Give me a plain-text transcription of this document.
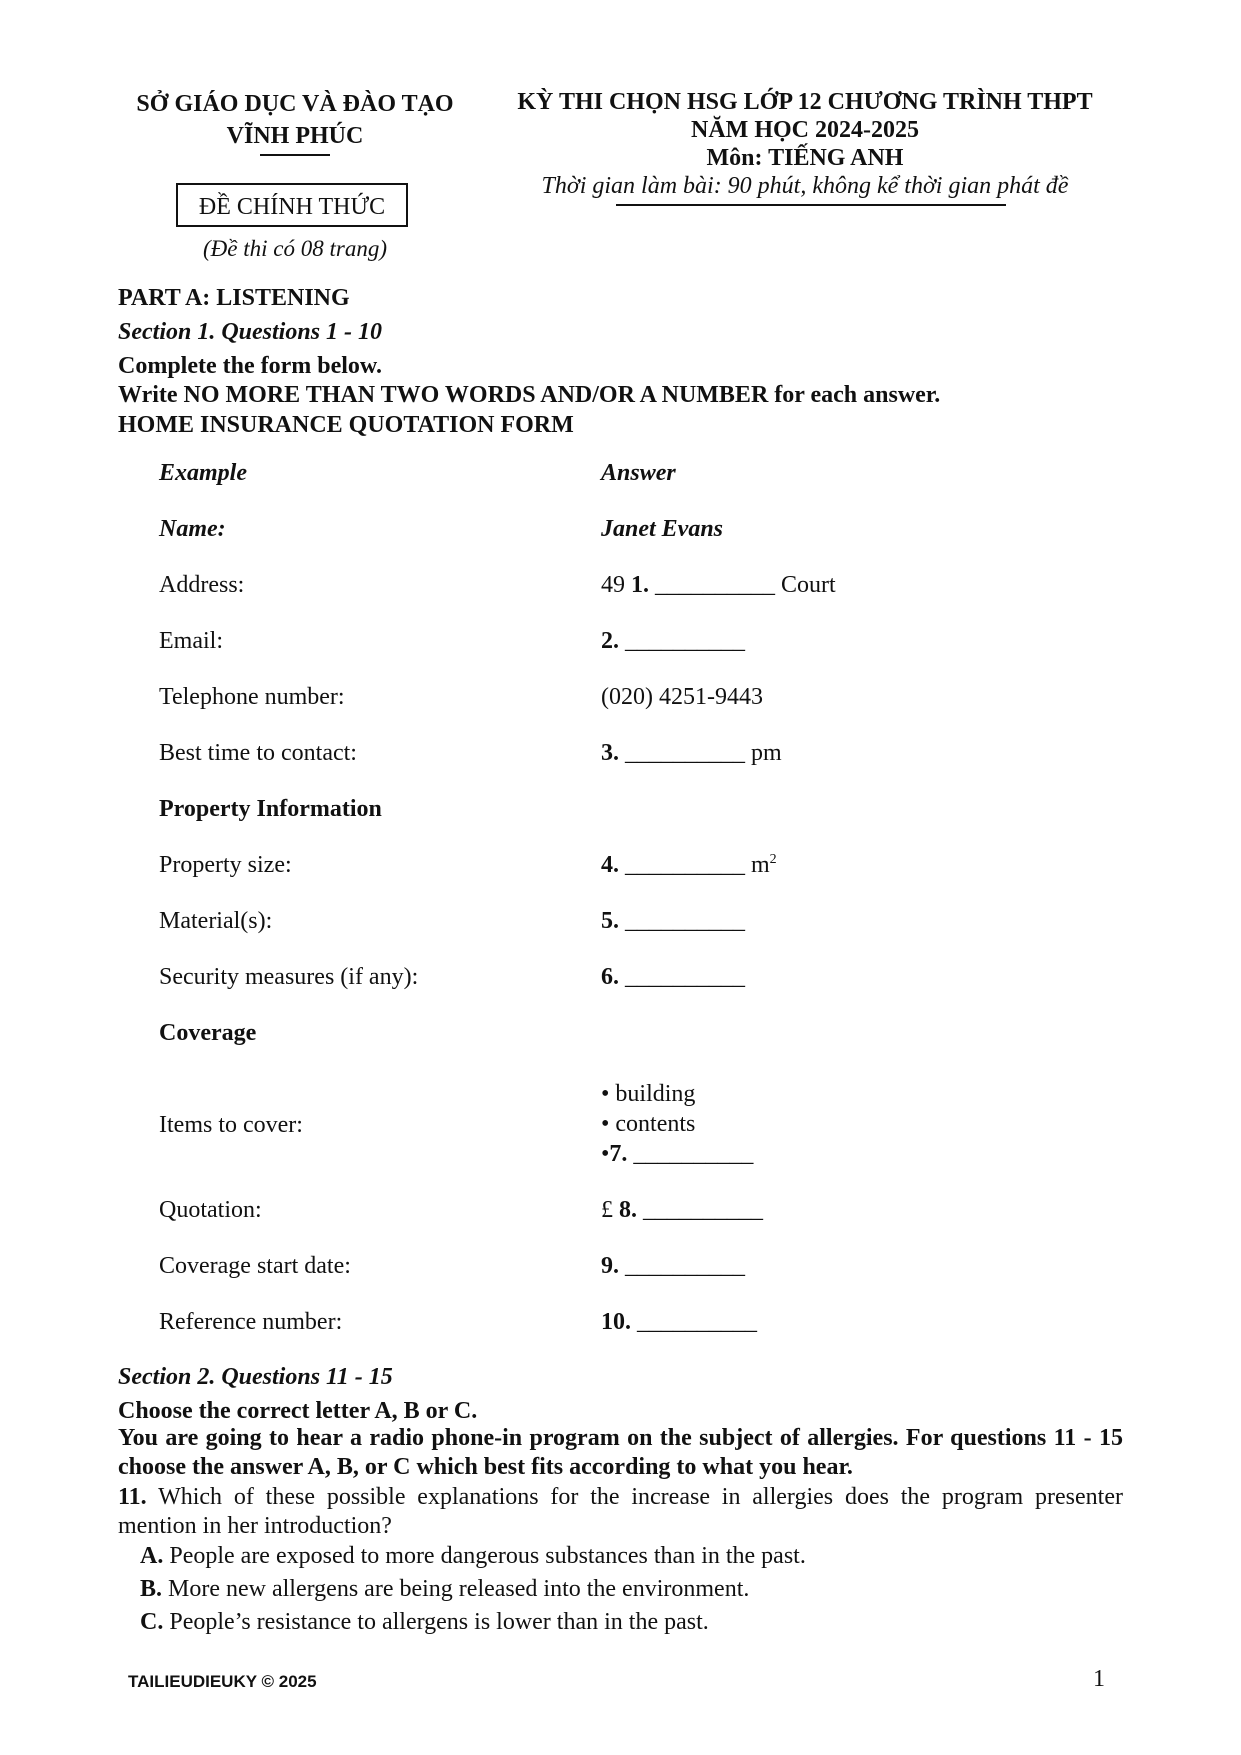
SỞ GIÁO DỤC VÀ ĐÀO TẠO
VĨNH PHÚC
ĐỀ CHÍNH THỨC
(Đề thi có 08 trang)
KỲ THI CHỌN HSG LỚP 12 CHƯƠNG TRÌNH THPT
NĂM HỌC 2024-2025
Môn: TIẾNG ANH
Thời gian làm bài: 90 phút, không kể thời gian phát đề
PART A: LISTENING
Section 1. Questions 1 - 10
Complete the form below.
Write NO MORE THAN TWO WORDS AND/OR A NUMBER for each answer.
HOME INSURANCE QUOTATION FORM
Example	Answer
Name:	Janet Evans
Address:	49 1. __________ Court
Email:	2. __________
Telephone number:	(020) 4251-9443
Best time to contact:	3. __________ pm
Property Information
Property size:	4. __________ $m^2$
Material(s):	5. __________
Security measures (if any):	6. __________
Coverage
Items to cover:
• building
• contents
•7. __________
Quotation:	£ 8. __________
Coverage start date:	9. __________
Reference number:	10. __________
Section 2. Questions 11 - 15
Choose the correct letter A, B or C.
You are going to hear a radio phone-in program on the subject of allergies. For questions 11 - 15 choose the answer A, B, or C which best fits according to what you hear.
11. Which of these possible explanations for the increase in allergies does the program presenter mention in her introduction?
A. People are exposed to more dangerous substances than in the past.
B. More new allergens are being released into the environment.
C. People’s resistance to allergens is lower than in the past.
TAILIEUDIEUKY © 2025	1
